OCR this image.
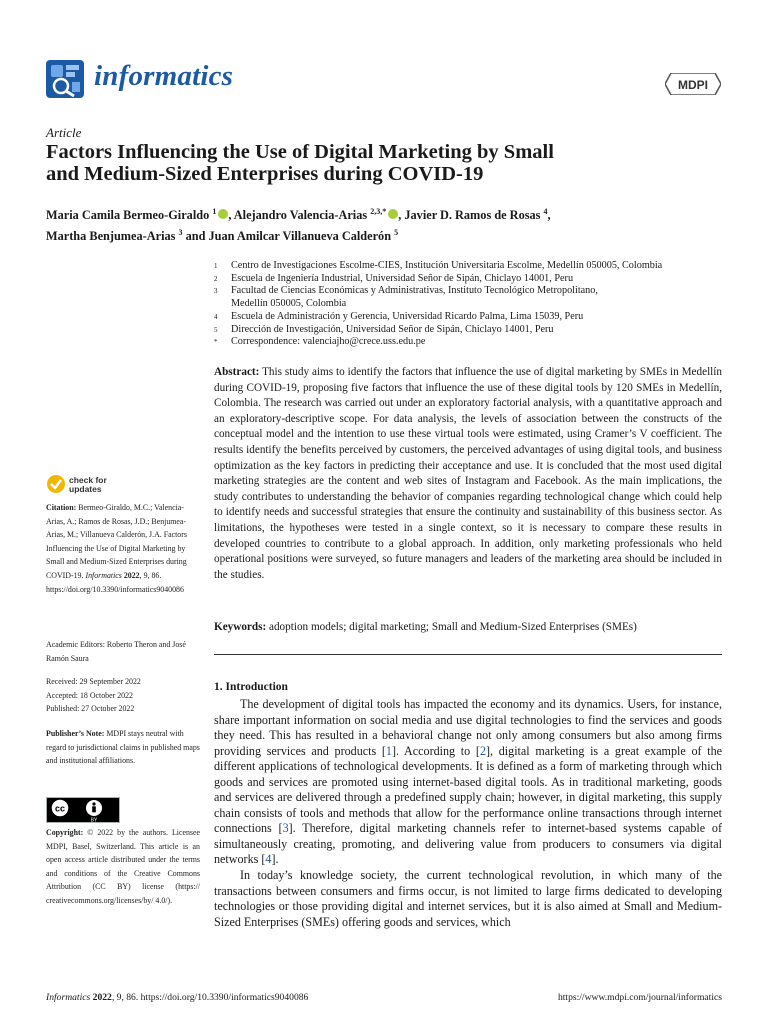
informatics	MDPI
Article
Factors Influencing the Use of Digital Marketing by Small
and Medium-Sized Enterprises during COVID-19
Maria Camila Bermeo-Giraldo $^1$ , Alejandro Valencia-Arias $^{2,3,*}$ , Javier D. Ramos de Rosas $^4$,
Martha Benjumea-Arias $^3$ and Juan Amilcar Villanueva Calderón $^5$
1	Centro de Investigaciones Escolme-CIES, Institución Universitaria Escolme, Medellín 050005, Colombia
2	Escuela de Ingeniería Industrial, Universidad Señor de Sipán, Chiclayo 14001, Peru
3	Facultad de Ciencias Económicas y Administrativas, Instituto Tecnológico Metropolitano,
Medellín 050005, Colombia
4	Escuela de Administración y Gerencia, Universidad Ricardo Palma, Lima 15039, Peru
5	Dirección de Investigación, Universidad Señor de Sipán, Chiclayo 14001, Peru
*	Correspondence: valenciajho@crece.uss.edu.pe
Abstract: This study aims to identify the factors that influence the use of digital marketing by SMEs in Medellín during COVID-19, proposing five factors that influence the use of these digital tools by 120 SMEs in Medellín, Colombia. The research was carried out under an exploratory factorial analysis, with a quantitative approach and an exploratory-descriptive scope. For data analysis, the levels of association between the constructs of the conceptual model and the intention to use these virtual tools were estimated, using Cramer’s V coefficient. The results identify the benefits perceived by customers, the perceived advantages of using digital tools, and business optimization as the key factors in predicting their acceptance and use. It is concluded that the most used digital marketing strategies are the content and web sites of Instagram and Facebook. As the main implications, the study contributes to understanding the behavior of companies regarding technological change which could help to identify needs and successful strategies that ensure the continuity and sustainability of this business sector. As limitations, the hypotheses were tested in a single context, so it is necessary to compare these results in developed countries to contribute to a global approach. In addition, only marketing professionals who held operational positions were surveyed, so future managers and leaders of the marketing area should be included in the studies.
Keywords: adoption models; digital marketing; Small and Medium-Sized Enterprises (SMEs)
check for
updates
Citation: Bermeo-Giraldo, M.C.; Valencia-Arias, A.; Ramos de Rosas, J.D.; Benjumea-Arias, M.; Villanueva Calderón, J.A. Factors Influencing the Use of Digital Marketing by Small and Medium-Sized Enterprises during COVID-19. Informatics 2022, 9, 86. https://doi.org/10.3390/informatics9040086
Academic Editors: Roberto Theron and José Ramón Saura
Received: 29 September 2022
Accepted: 18 October 2022
Published: 27 October 2022
Publisher’s Note: MDPI stays neutral with regard to jurisdictional claims in published maps and institutional affiliations.
cc
BY
Copyright: © 2022 by the authors. Licensee MDPI, Basel, Switzerland. This article is an open access article distributed under the terms and conditions of the Creative Commons Attribution (CC BY) license (https:// creativecommons.org/licenses/by/ 4.0/).
1. Introduction

The development of digital tools has impacted the economy and its dynamics. Users, for instance, share important information on social media and use digital technologies to find the services and goods they need. This has resulted in a behavioral change not only among consumers but also among firms providing services and products [1]. According to [2], digital marketing is a great example of the different applications of technological developments. It is defined as a form of marketing through which goods and services are promoted using internet-based digital tools. As in traditional marketing, goods and services are delivered through a predefined supply chain; however, in digital marketing, this supply chain consists of tools and methods that allow for the performance online transactions through internet connections [3]. Therefore, digital marketing channels refer to internet-based systems capable of simultaneously creating, promoting, and delivering value from producers to consumers via digital networks [4].

In today’s knowledge society, the current technological revolution, in which many of the transactions between consumers and firms occur, is not limited to large firms dedicated to developing technologies or those providing digital and internet services, but it is also aimed at Small and Medium-Sized Enterprises (SMEs) offering goods and services, which

Informatics 2022, 9, 86. https://doi.org/10.3390/informatics9040086	https://www.mdpi.com/journal/informatics
